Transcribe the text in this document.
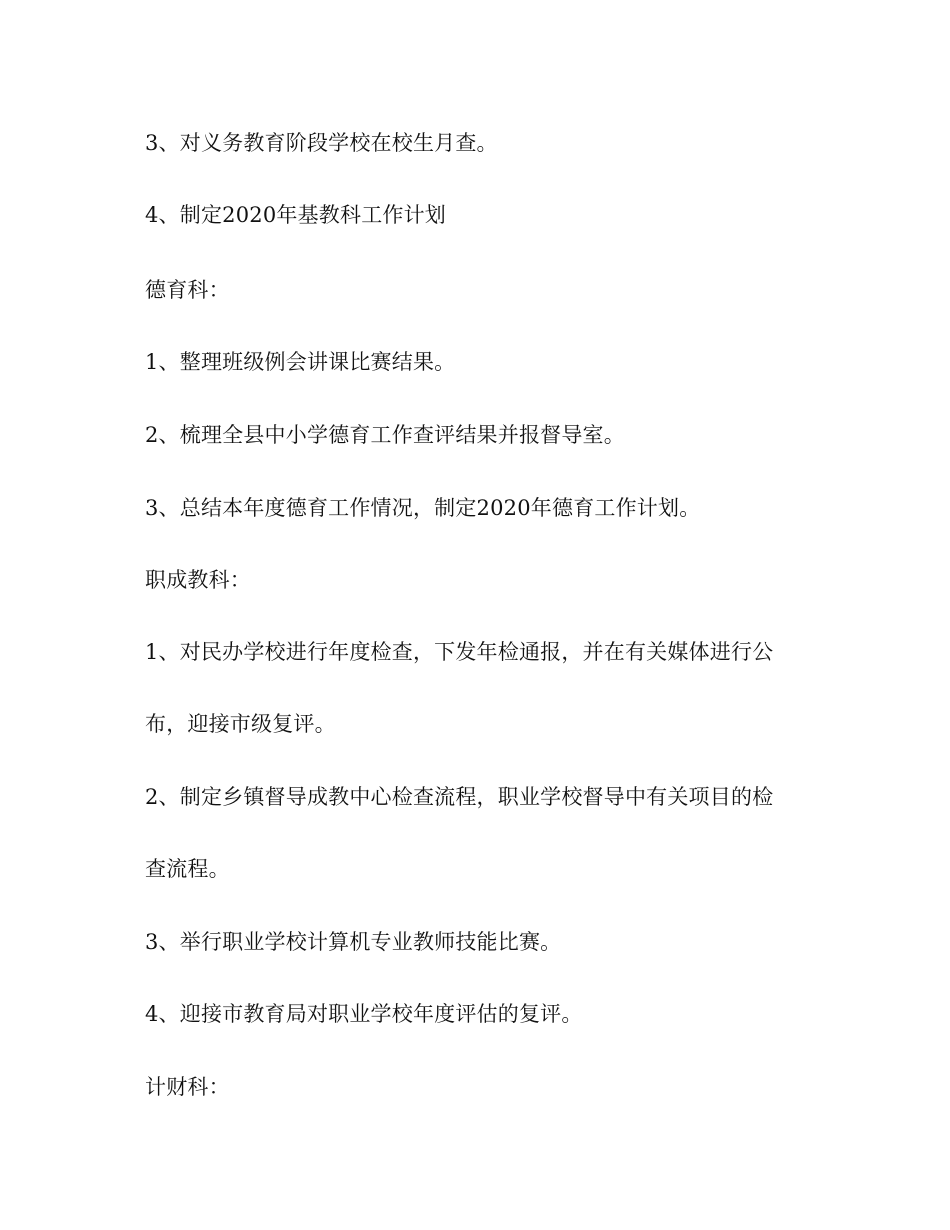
3、对义务教育阶段学校在校生月查。

4、制定2020年基教科工作计划

德育科：

1、整理班级例会讲课比赛结果。

2、梳理全县中小学德育工作查评结果并报督导室。

3、总结本年度德育工作情况，制定2020年德育工作计划。

职成教科：

1、对民办学校进行年度检查，下发年检通报，并在有关媒体进行公

布，迎接市级复评。

2、制定乡镇督导成教中心检查流程，职业学校督导中有关项目的检

查流程。

3、举行职业学校计算机专业教师技能比赛。

4、迎接市教育局对职业学校年度评估的复评。

计财科：
